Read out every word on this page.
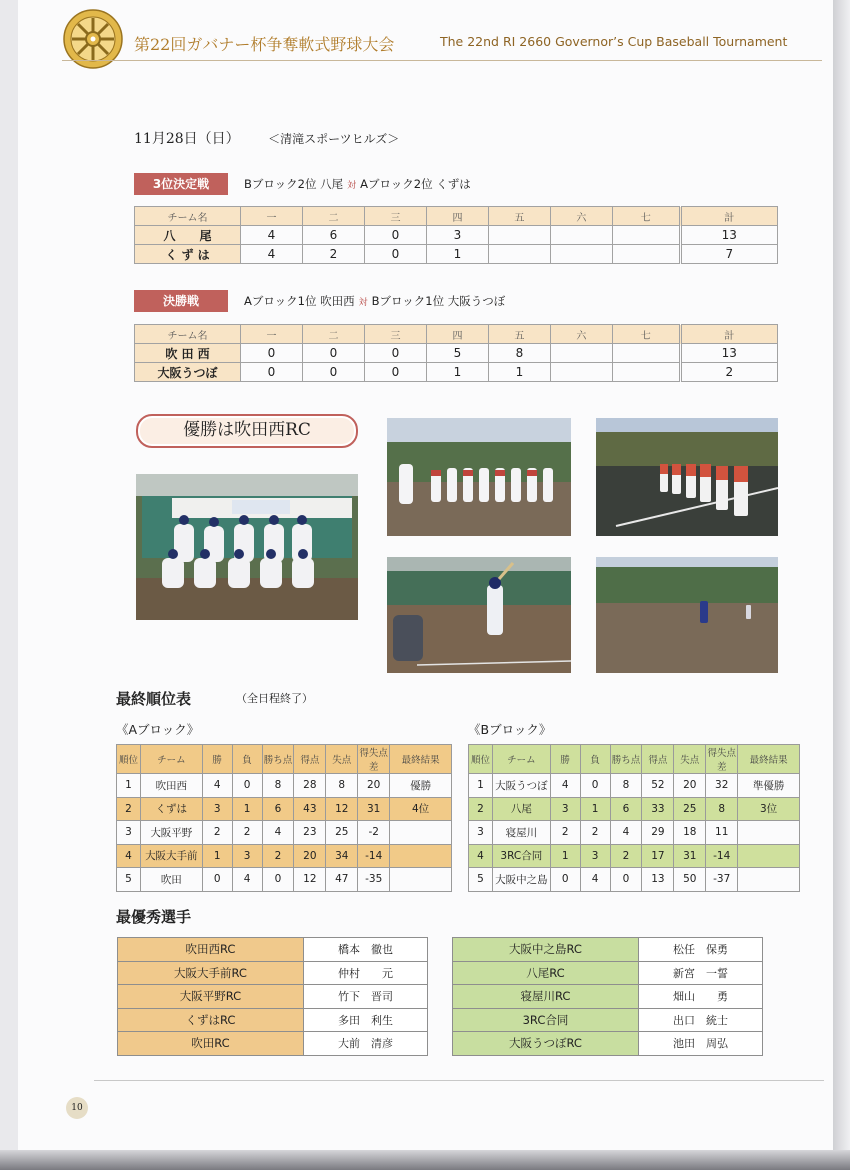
第22回ガバナー杯争奪軟式野球大会	The 22nd RI 2660 Governor’s Cup Baseball Tournament
11月28日（日） ＜清滝スポーツヒルズ＞
3位決定戦	Bブロック2位 八尾 対 Aブロック2位 くずは
チーム名	一	二	三	四	五	六	七	計
八　　尾	4	6	0	3				13
く ず は	4	2	0	1				7
決勝戦	Aブロック1位 吹田西 対 Bブロック1位 大阪うつぼ
チーム名	一	二	三	四	五	六	七	計
吹 田 西	0	0	0	5	8			13
大阪うつぼ	0	0	0	1	1			2
優勝は吹田西RC
最終順位表	（全日程終了）
《Aブロック》	《Bブロック》
順位	チーム	勝	負	勝ち点	得点	失点	得失点差	最終結果
1	吹田西	4	0	8	28	8	20	優勝
2	くずは	3	1	6	43	12	31	4位
3	大阪平野	2	2	4	23	25	-2	
4	大阪大手前	1	3	2	20	34	-14	
5	吹田	0	4	0	12	47	-35	
順位	チーム	勝	負	勝ち点	得点	失点	得失点差	最終結果
1	大阪うつぼ	4	0	8	52	20	32	準優勝
2	八尾	3	1	6	33	25	8	3位
3	寝屋川	2	2	4	29	18	11	
4	3RC合同	1	3	2	17	31	-14	
5	大阪中之島	0	4	0	13	50	-37	
最優秀選手
吹田西RC	橋本　徹也
大阪大手前RC	仲村　　元
大阪平野RC	竹下　晋司
くずはRC	多田　利生
吹田RC	大前　清彦
大阪中之島RC	松任　保勇
八尾RC	新宮　一誓
寝屋川RC	畑山　　勇
3RC合同	出口　統士
大阪うつぼRC	池田　周弘
10
